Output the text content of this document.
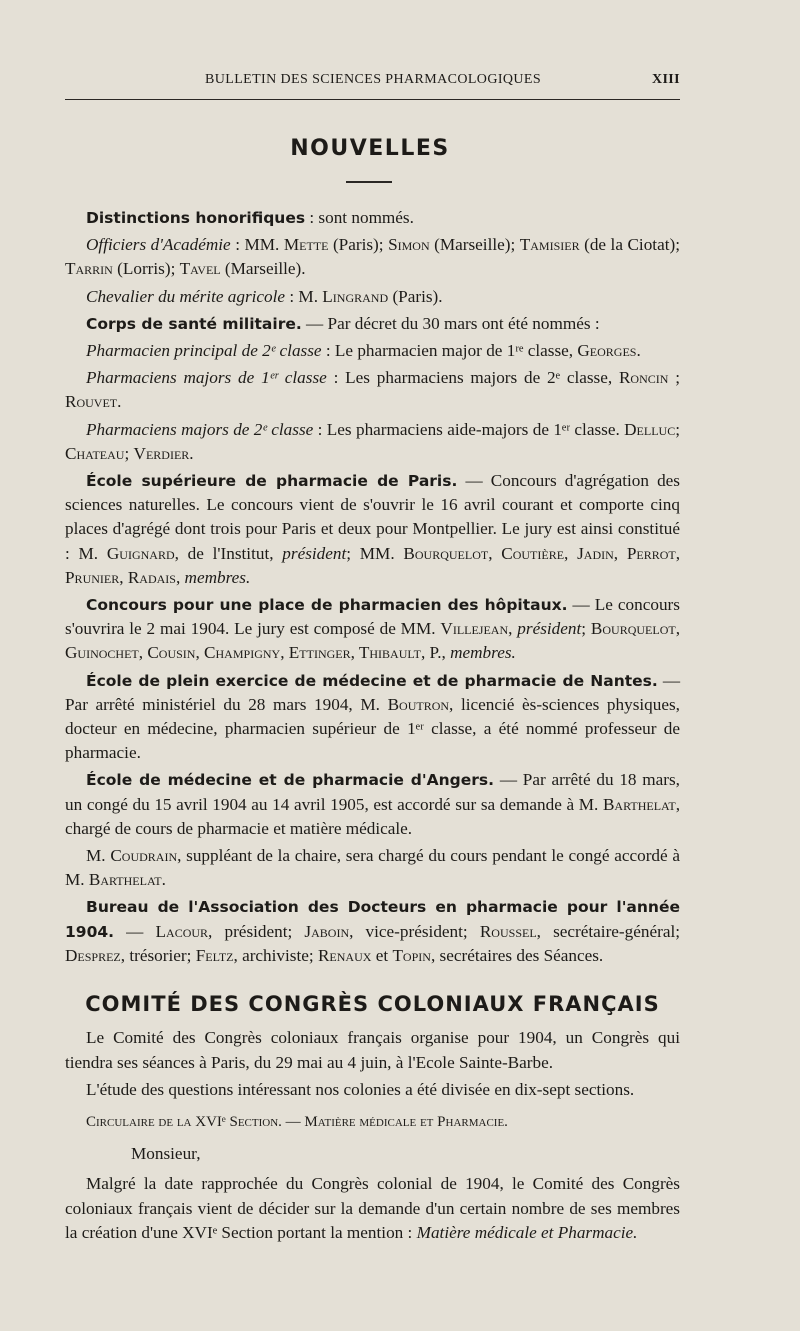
BULLETIN DES SCIENCES PHARMACOLOGIQUES	XIII
NOUVELLES

Distinctions honorifiques : sont nommés.

Officiers d'Académie : MM. Mette (Paris); Simon (Marseille); Tamisier (de la Ciotat); Tarrin (Lorris); Tavel (Marseille).

Chevalier du mérite agricole : M. Lingrand (Paris).

Corps de santé militaire. — Par décret du 30 mars ont été nommés :

Pharmacien principal de 2ᵉ classe : Le pharmacien major de 1ʳᵉ classe, Georges.

Pharmaciens majors de 1ᵉʳ classe : Les pharmaciens majors de 2ᵉ classe, Roncin ; Rouvet.

Pharmaciens majors de 2ᵉ classe : Les pharmaciens aide-majors de 1ᵉʳ classe. Delluc; Chateau; Verdier.

École supérieure de pharmacie de Paris. — Concours d'agrégation des sciences naturelles. Le concours vient de s'ouvrir le 16 avril courant et comporte cinq places d'agrégé dont trois pour Paris et deux pour Montpellier. Le jury est ainsi constitué : M. Guignard, de l'Institut, président; MM. Bourquelot, Coutière, Jadin, Perrot, Prunier, Radais, membres.

Concours pour une place de pharmacien des hôpitaux. — Le concours s'ouvrira le 2 mai 1904. Le jury est composé de MM. Villejean, président; Bourquelot, Guinochet, Cousin, Champigny, Ettinger, Thibault, P., membres.

École de plein exercice de médecine et de pharmacie de Nantes. — Par arrêté ministériel du 28 mars 1904, M. Boutron, licencié ès-sciences physiques, docteur en médecine, pharmacien supérieur de 1ᵉʳ classe, a été nommé professeur de pharmacie.

École de médecine et de pharmacie d'Angers. — Par arrêté du 18 mars, un congé du 15 avril 1904 au 14 avril 1905, est accordé sur sa demande à M. Barthelat, chargé de cours de pharmacie et matière médicale.

M. Coudrain, suppléant de la chaire, sera chargé du cours pendant le congé accordé à M. Barthelat.

Bureau de l'Association des Docteurs en pharmacie pour l'année 1904. — Lacour, président; Jaboin, vice-président; Roussel, secrétaire-général; Desprez, trésorier; Feltz, archiviste; Renaux et Topin, secrétaires des Séances.

COMITÉ DES CONGRÈS COLONIAUX FRANÇAIS

Le Comité des Congrès coloniaux français organise pour 1904, un Congrès qui tiendra ses séances à Paris, du 29 mai au 4 juin, à l'Ecole Sainte-Barbe.

L'étude des questions intéressant nos colonies a été divisée en dix-sept sections.

Circulaire de la XVIᵉ Section. — Matière médicale et Pharmacie.

Monsieur,

Malgré la date rapprochée du Congrès colonial de 1904, le Comité des Congrès coloniaux français vient de décider sur la demande d'un certain nombre de ses membres la création d'une XVIᵉ Section portant la mention : Matière médicale et Pharmacie.
